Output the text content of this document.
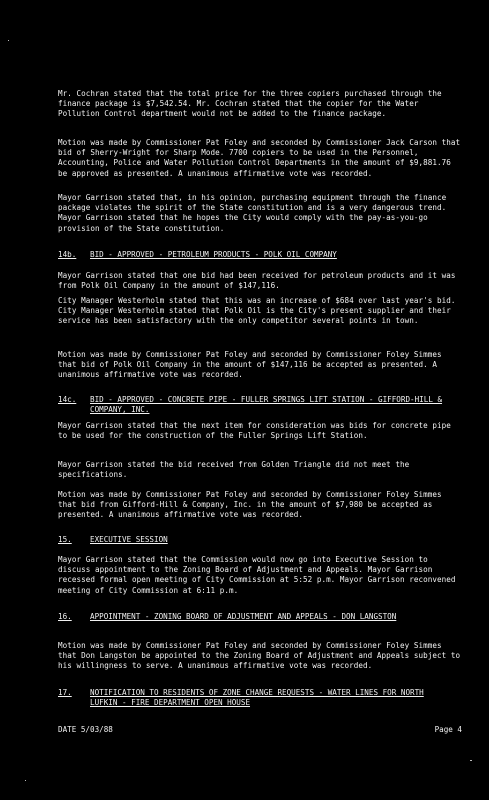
Mr. Cochran stated that the total price for the three copiers purchased through the finance package is $7,542.54. Mr. Cochran stated that the copier for the Water Pollution Control department would not be added to the finance package.

Motion was made by Commissioner Pat Foley and seconded by Commissioner Jack Carson that bid of Sherry-Wright for Sharp Mode. 7700 copiers to be used in the Personnel, Accounting, Police and Water Pollution Control Departments in the amount of $9,881.76 be approved as presented. A unanimous affirmative vote was recorded.

Mayor Garrison stated that, in his opinion, purchasing equipment through the finance package violates the spirit of the State constitution and is a very dangerous trend. Mayor Garrison stated that he hopes the City would comply with the pay-as-you-go provision of the State constitution.

14b. BID - APPROVED - PETROLEUM PRODUCTS - POLK OIL COMPANY

Mayor Garrison stated that one bid had been received for petroleum products and it was from Polk Oil Company in the amount of $147,116.

City Manager Westerholm stated that this was an increase of $684 over last year's bid. City Manager Westerholm stated that Polk Oil is the City's present supplier and their service has been satisfactory with the only competitor several points in town.

Motion was made by Commissioner Pat Foley and seconded by Commissioner Foley Simmes that bid of Polk Oil Company in the amount of $147,116 be accepted as presented. A unanimous affirmative vote was recorded.

14c. BID - APPROVED - CONCRETE PIPE - FULLER SPRINGS LIFT STATION - GIFFORD-HILL & COMPANY, INC.

Mayor Garrison stated that the next item for consideration was bids for concrete pipe to be used for the construction of the Fuller Springs Lift Station.

Mayor Garrison stated the bid received from Golden Triangle did not meet the specifications.

Motion was made by Commissioner Pat Foley and seconded by Commissioner Foley Simmes that bid from Gifford-Hill & Company, Inc. in the amount of $7,980 be accepted as presented. A unanimous affirmative vote was recorded.

15. EXECUTIVE SESSION

Mayor Garrison stated that the Commission would now go into Executive Session to discuss appointment to the Zoning Board of Adjustment and Appeals. Mayor Garrison recessed formal open meeting of City Commission at 5:52 p.m. Mayor Garrison reconvened meeting of City Commission at 6:11 p.m.

16. APPOINTMENT - ZONING BOARD OF ADJUSTMENT AND APPEALS - DON LANGSTON

Motion was made by Commissioner Pat Foley and seconded by Commissioner Foley Simmes that Don Langston be appointed to the Zoning Board of Adjustment and Appeals subject to his willingness to serve. A unanimous affirmative vote was recorded.

17. NOTIFICATION TO RESIDENTS OF ZONE CHANGE REQUESTS - WATER LINES FOR NORTH LUFKIN - FIRE DEPARTMENT OPEN HOUSE
DATE 5/03/88	Page 4
